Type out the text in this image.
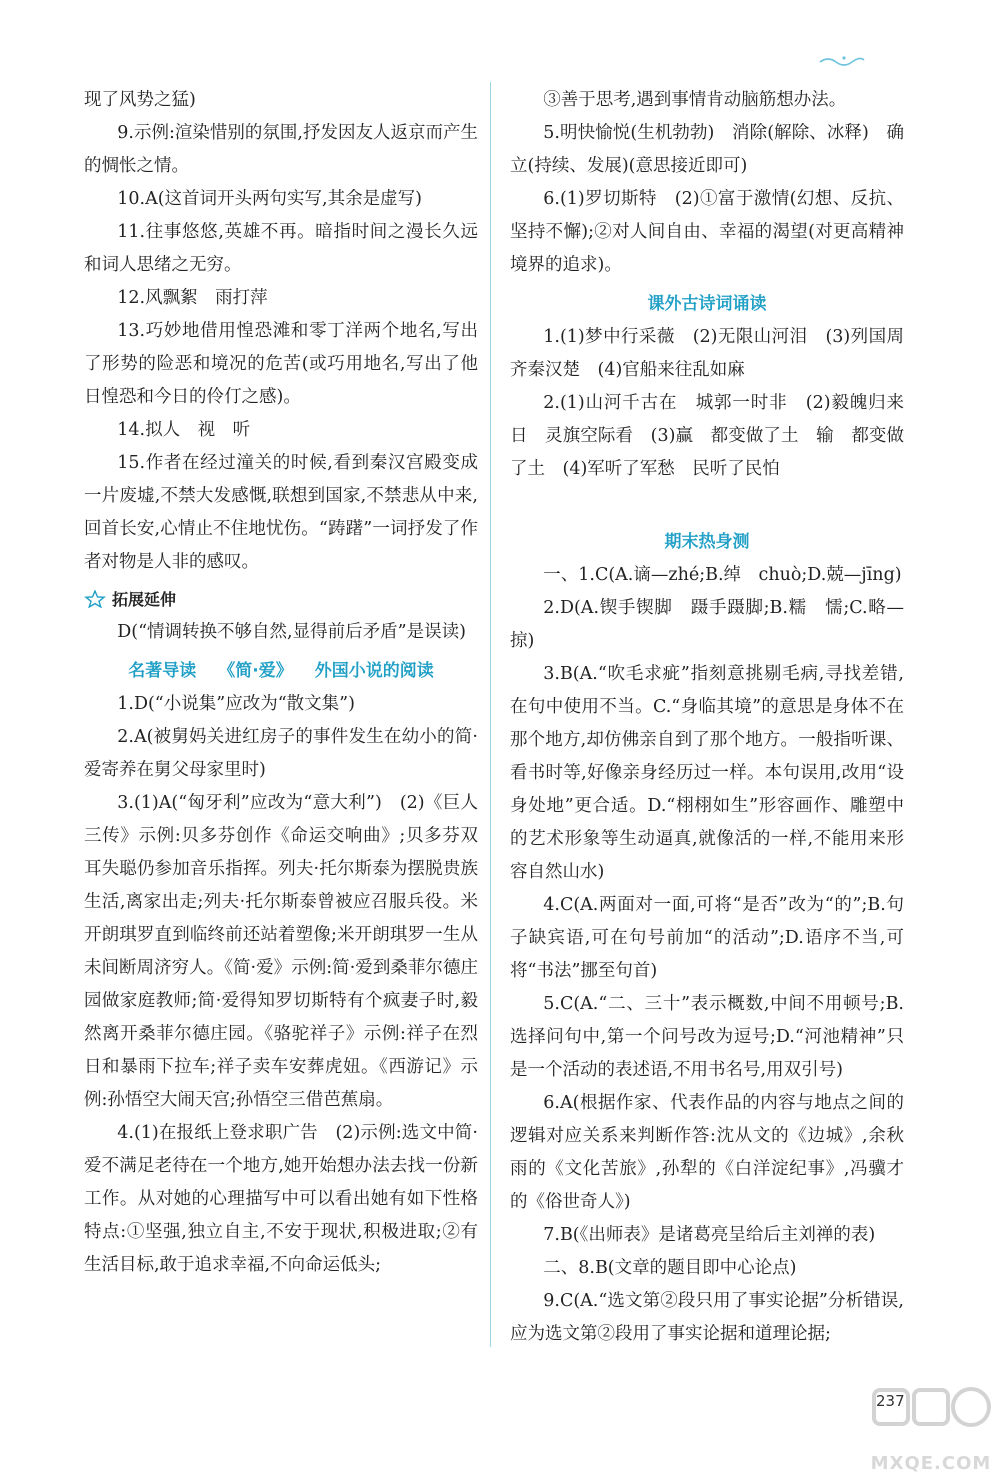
现了风势之猛)

9.示例:渲染惜别的氛围,抒发因友人返京而产生的惆怅之情。

10.A(这首词开头两句实写,其余是虚写)

11.往事悠悠,英雄不再。暗指时间之漫长久远和词人思绪之无穷。

12.风飘絮　雨打萍

13.巧妙地借用惶恐滩和零丁洋两个地名,写出了形势的险恶和境况的危苦(或巧用地名,写出了他日惶恐和今日的伶仃之感)。

14.拟人　视　听

15.作者在经过潼关的时候,看到秦汉宫殿变成一片废墟,不禁大发感慨,联想到国家,不禁悲从中来,回首长安,心情止不住地忧伤。“踌躇”一词抒发了作者对物是人非的感叹。

拓展延伸

D(“情调转换不够自然,显得前后矛盾”是误读)

名著导读 《简·爱》 外国小说的阅读

1.D(“小说集”应改为“散文集”)

2.A(被舅妈关进红房子的事件发生在幼小的简·爱寄养在舅父母家里时)

3.(1)A(“匈牙利”应改为“意大利”)　(2)《巨人三传》示例:贝多芬创作《命运交响曲》;贝多芬双耳失聪仍参加音乐指挥。列夫·托尔斯泰为摆脱贵族生活,离家出走;列夫·托尔斯泰曾被应召服兵役。米开朗琪罗直到临终前还站着塑像;米开朗琪罗一生从未间断周济穷人。《简·爱》示例:简·爱到桑菲尔德庄园做家庭教师;简·爱得知罗切斯特有个疯妻子时,毅然离开桑菲尔德庄园。《骆驼祥子》示例:祥子在烈日和暴雨下拉车;祥子卖车安葬虎妞。《西游记》示例:孙悟空大闹天宫;孙悟空三借芭蕉扇。

4.(1)在报纸上登求职广告　(2)示例:选文中简·爱不满足老待在一个地方,她开始想办法去找一份新工作。从对她的心理描写中可以看出她有如下性格特点:①坚强,独立自主,不安于现状,积极进取;②有生活目标,敢于追求幸福,不向命运低头;

③善于思考,遇到事情肯动脑筋想办法。

5.明快愉悦(生机勃勃)　消除(解除、冰释)　确立(持续、发展)(意思接近即可)

6.(1)罗切斯特　(2)①富于激情(幻想、反抗、坚持不懈);②对人间自由、幸福的渴望(对更高精神境界的追求)。

课外古诗词诵读

1.(1)梦中行采薇　(2)无限山河泪　(3)列国周齐秦汉楚　(4)官船来往乱如麻

2.(1)山河千古在　城郭一时非　(2)毅魄归来日　灵旗空际看　(3)赢　都变做了土　输　都变做了土　(4)军听了军愁　民听了民怕

期末热身测

一、1.C(A.谪—zhé;B.绰　chuò;D.兢—jīng)

2.D(A.锲手锲脚　蹑手蹑脚;B.糯　懦;C.略—掠)

3.B(A.“吹毛求疵”指刻意挑剔毛病,寻找差错,在句中使用不当。C.“身临其境”的意思是身体不在那个地方,却仿佛亲自到了那个地方。一般指听课、看书时等,好像亲身经历过一样。本句误用,改用“设身处地”更合适。D.“栩栩如生”形容画作、雕塑中的艺术形象等生动逼真,就像活的一样,不能用来形容自然山水)

4.C(A.两面对一面,可将“是否”改为“的”;B.句子缺宾语,可在句号前加“的活动”;D.语序不当,可将“书法”挪至句首)

5.C(A.“二、三十”表示概数,中间不用顿号;B.选择问句中,第一个问号改为逗号;D.“河池精神”只是一个活动的表述语,不用书名号,用双引号)

6.A(根据作家、代表作品的内容与地点之间的逻辑对应关系来判断作答:沈从文的《边城》,余秋雨的《文化苦旅》,孙犁的《白洋淀纪事》,冯骥才的《俗世奇人》)

7.B(《出师表》是诸葛亮呈给后主刘禅的表)

二、8.B(文章的题目即中心论点)

9.C(A.“选文第②段只用了事实论据”分析错误,应为选文第②段用了事实论据和道理论据;

MXQE.COM
237
